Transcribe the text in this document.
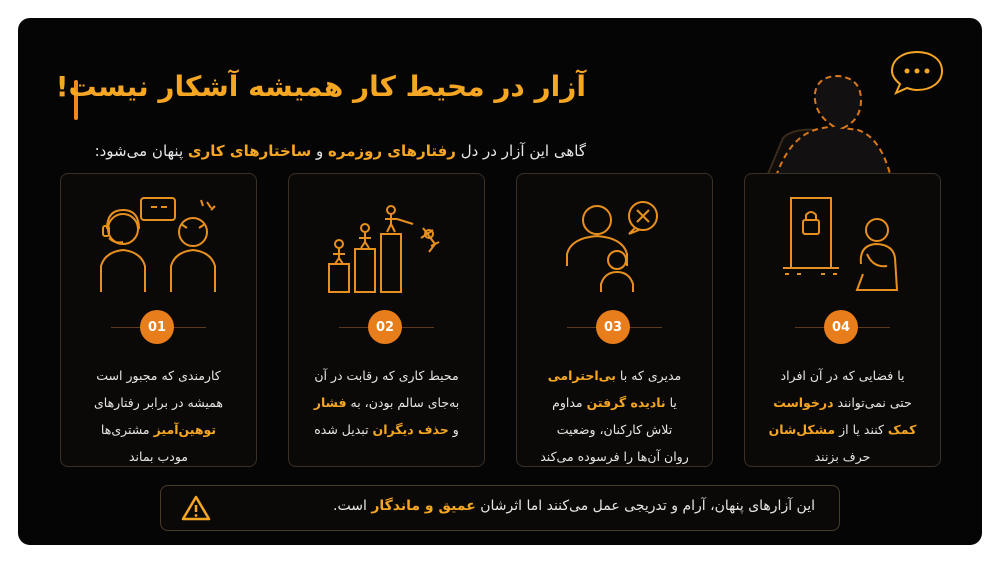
آزار در محیط کار همیشه آشکار نیست!
گاهی این آزار در دل رفتارهای روزمره و ساختارهای کاری پنهان می‌شود:
01
کارمندی که مجبور است
همیشه در برابر رفتارهای
توهین‌آمیز مشتری‌ها
مودب بماند
02
محیط کاری که رقابت در آن
به‌جای سالم بودن، به فشار
و حذف دیگران تبدیل شده
03
مدیری که با بی‌احترامی
یا نادیده گرفتن مداوم
تلاش کارکنان، وضعیت
روان آن‌ها را فرسوده می‌کند
04
یا فضایی که در آن افراد
حتی نمی‌توانند درخواست
کمک کنند یا از مشکل‌شان
حرف بزنند
این آزارهای پنهان، آرام و تدریجی عمل می‌کنند اما اثرشان عمیق و ماندگار است.
